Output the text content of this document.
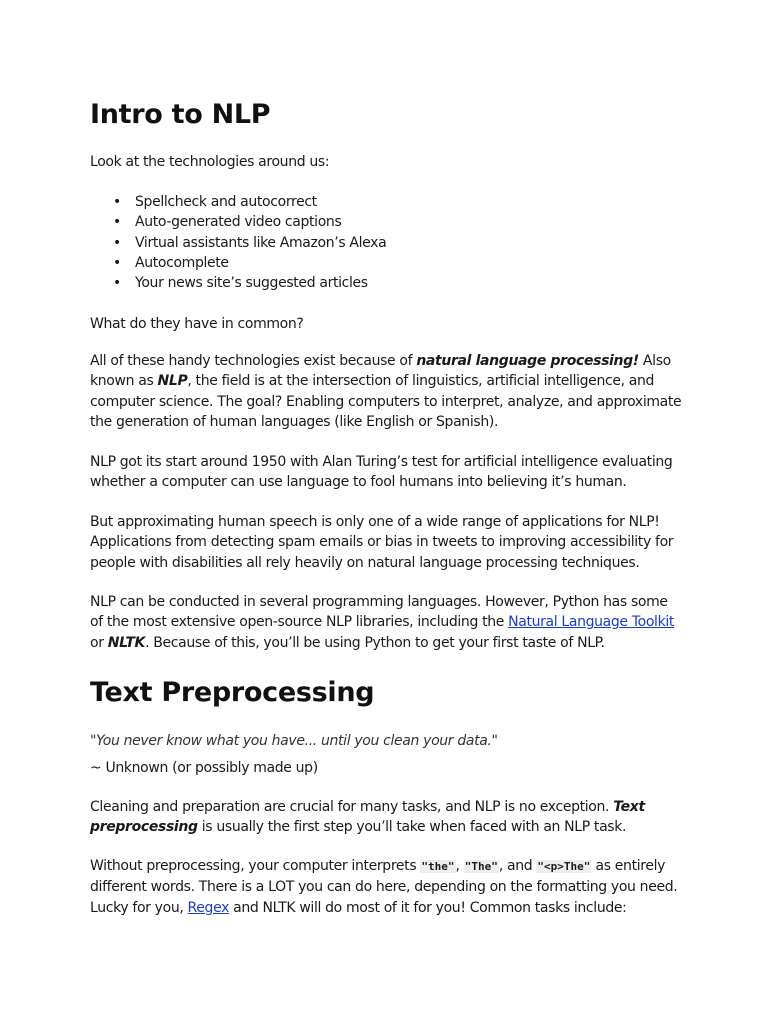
Intro to NLP

Look at the technologies around us:

• Spellcheck and autocorrect
• Auto-generated video captions
• Virtual assistants like Amazon’s Alexa
• Autocomplete
• Your news site’s suggested articles

What do they have in common?

All of these handy technologies exist because of natural language processing! Also known as NLP, the field is at the intersection of linguistics, artificial intelligence, and computer science. The goal? Enabling computers to interpret, analyze, and approximate the generation of human languages (like English or Spanish).

NLP got its start around 1950 with Alan Turing’s test for artificial intelligence evaluating whether a computer can use language to fool humans into believing it’s human.

But approximating human speech is only one of a wide range of applications for NLP! Applications from detecting spam emails or bias in tweets to improving accessibility for people with disabilities all rely heavily on natural language processing techniques.

NLP can be conducted in several programming languages. However, Python has some of the most extensive open-source NLP libraries, including the Natural Language Toolkit or NLTK. Because of this, you’ll be using Python to get your first taste of NLP.

Text Preprocessing

"You never know what you have... until you clean your data."

~ Unknown (or possibly made up)

Cleaning and preparation are crucial for many tasks, and NLP is no exception. Text preprocessing is usually the first step you’ll take when faced with an NLP task.

Without preprocessing, your computer interprets "the", "The", and "<p>The" as entirely different words. There is a LOT you can do here, depending on the formatting you need. Lucky for you, Regex and NLTK will do most of it for you! Common tasks include:
